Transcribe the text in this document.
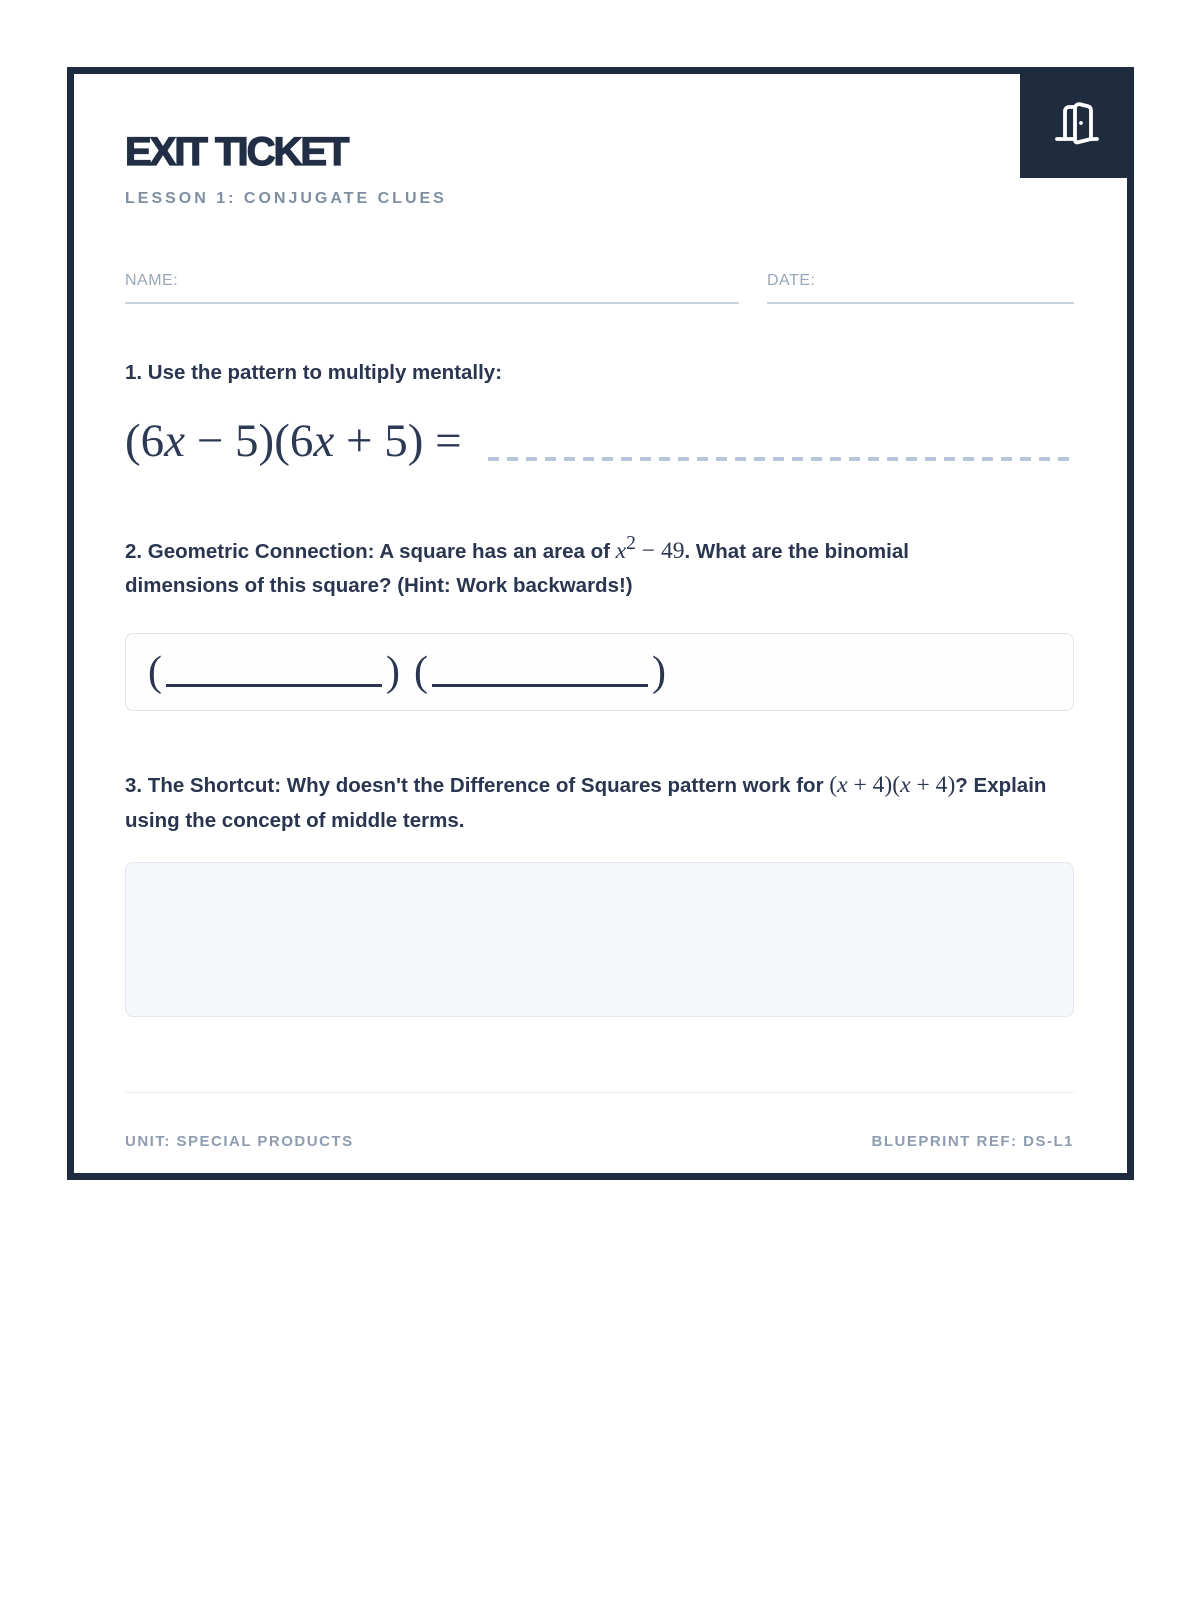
EXIT TICKET
LESSON 1: CONJUGATE CLUES
NAME:	DATE:
1. Use the pattern to multiply mentally:
(6x − 5)(6x + 5) =
2. Geometric Connection: A square has an area of $x^2 - 49$. What are the binomial dimensions of this square? (Hint: Work backwards!)
(	) (	)
3. The Shortcut: Why doesn't the Difference of Squares pattern work for (x + 4)(x + 4)? Explain using the concept of middle terms.
UNIT: SPECIAL PRODUCTS	BLUEPRINT REF: DS-L1
